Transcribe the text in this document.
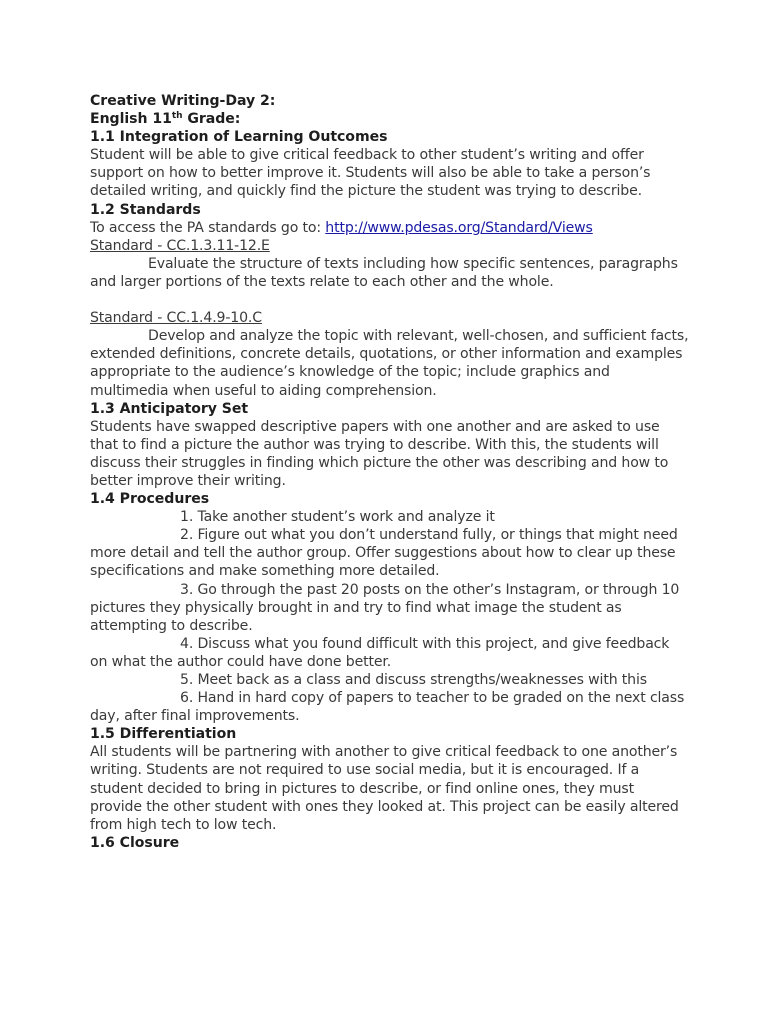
Creative Writing-Day 2:

English 11th Grade:

1.1 Integration of Learning Outcomes

Student will be able to give critical feedback to other student’s writing and offer support on how to better improve it. Students will also be able to take a person’s detailed writing, and quickly find the picture the student was trying to describe.

1.2 Standards

To access the PA standards go to: http://www.pdesas.org/Standard/Views

Standard - CC.1.3.11-12.E

Evaluate the structure of texts including how specific sentences, paragraphs and larger portions of the texts relate to each other and the whole.

Standard - CC.1.4.9-10.C

Develop and analyze the topic with relevant, well-chosen, and sufficient facts, extended definitions, concrete details, quotations, or other information and examples appropriate to the audience’s knowledge of the topic; include graphics and multimedia when useful to aiding comprehension.

1.3 Anticipatory Set

Students have swapped descriptive papers with one another and are asked to use that to find a picture the author was trying to describe. With this, the students will discuss their struggles in finding which picture the other was describing and how to better improve their writing.

1.4 Procedures

1. Take another student’s work and analyze it

2. Figure out what you don’t understand fully, or things that might need more detail and tell the author group. Offer suggestions about how to clear up these specifications and make something more detailed.

3. Go through the past 20 posts on the other’s Instagram, or through 10 pictures they physically brought in and try to find what image the student as attempting to describe.

4. Discuss what you found difficult with this project, and give feedback on what the author could have done better.

5. Meet back as a class and discuss strengths/weaknesses with this

6. Hand in hard copy of papers to teacher to be graded on the next class day, after final improvements.

1.5 Differentiation

All students will be partnering with another to give critical feedback to one another’s writing. Students are not required to use social media, but it is encouraged. If a student decided to bring in pictures to describe, or find online ones, they must provide the other student with ones they looked at. This project can be easily altered from high tech to low tech.

1.6 Closure
